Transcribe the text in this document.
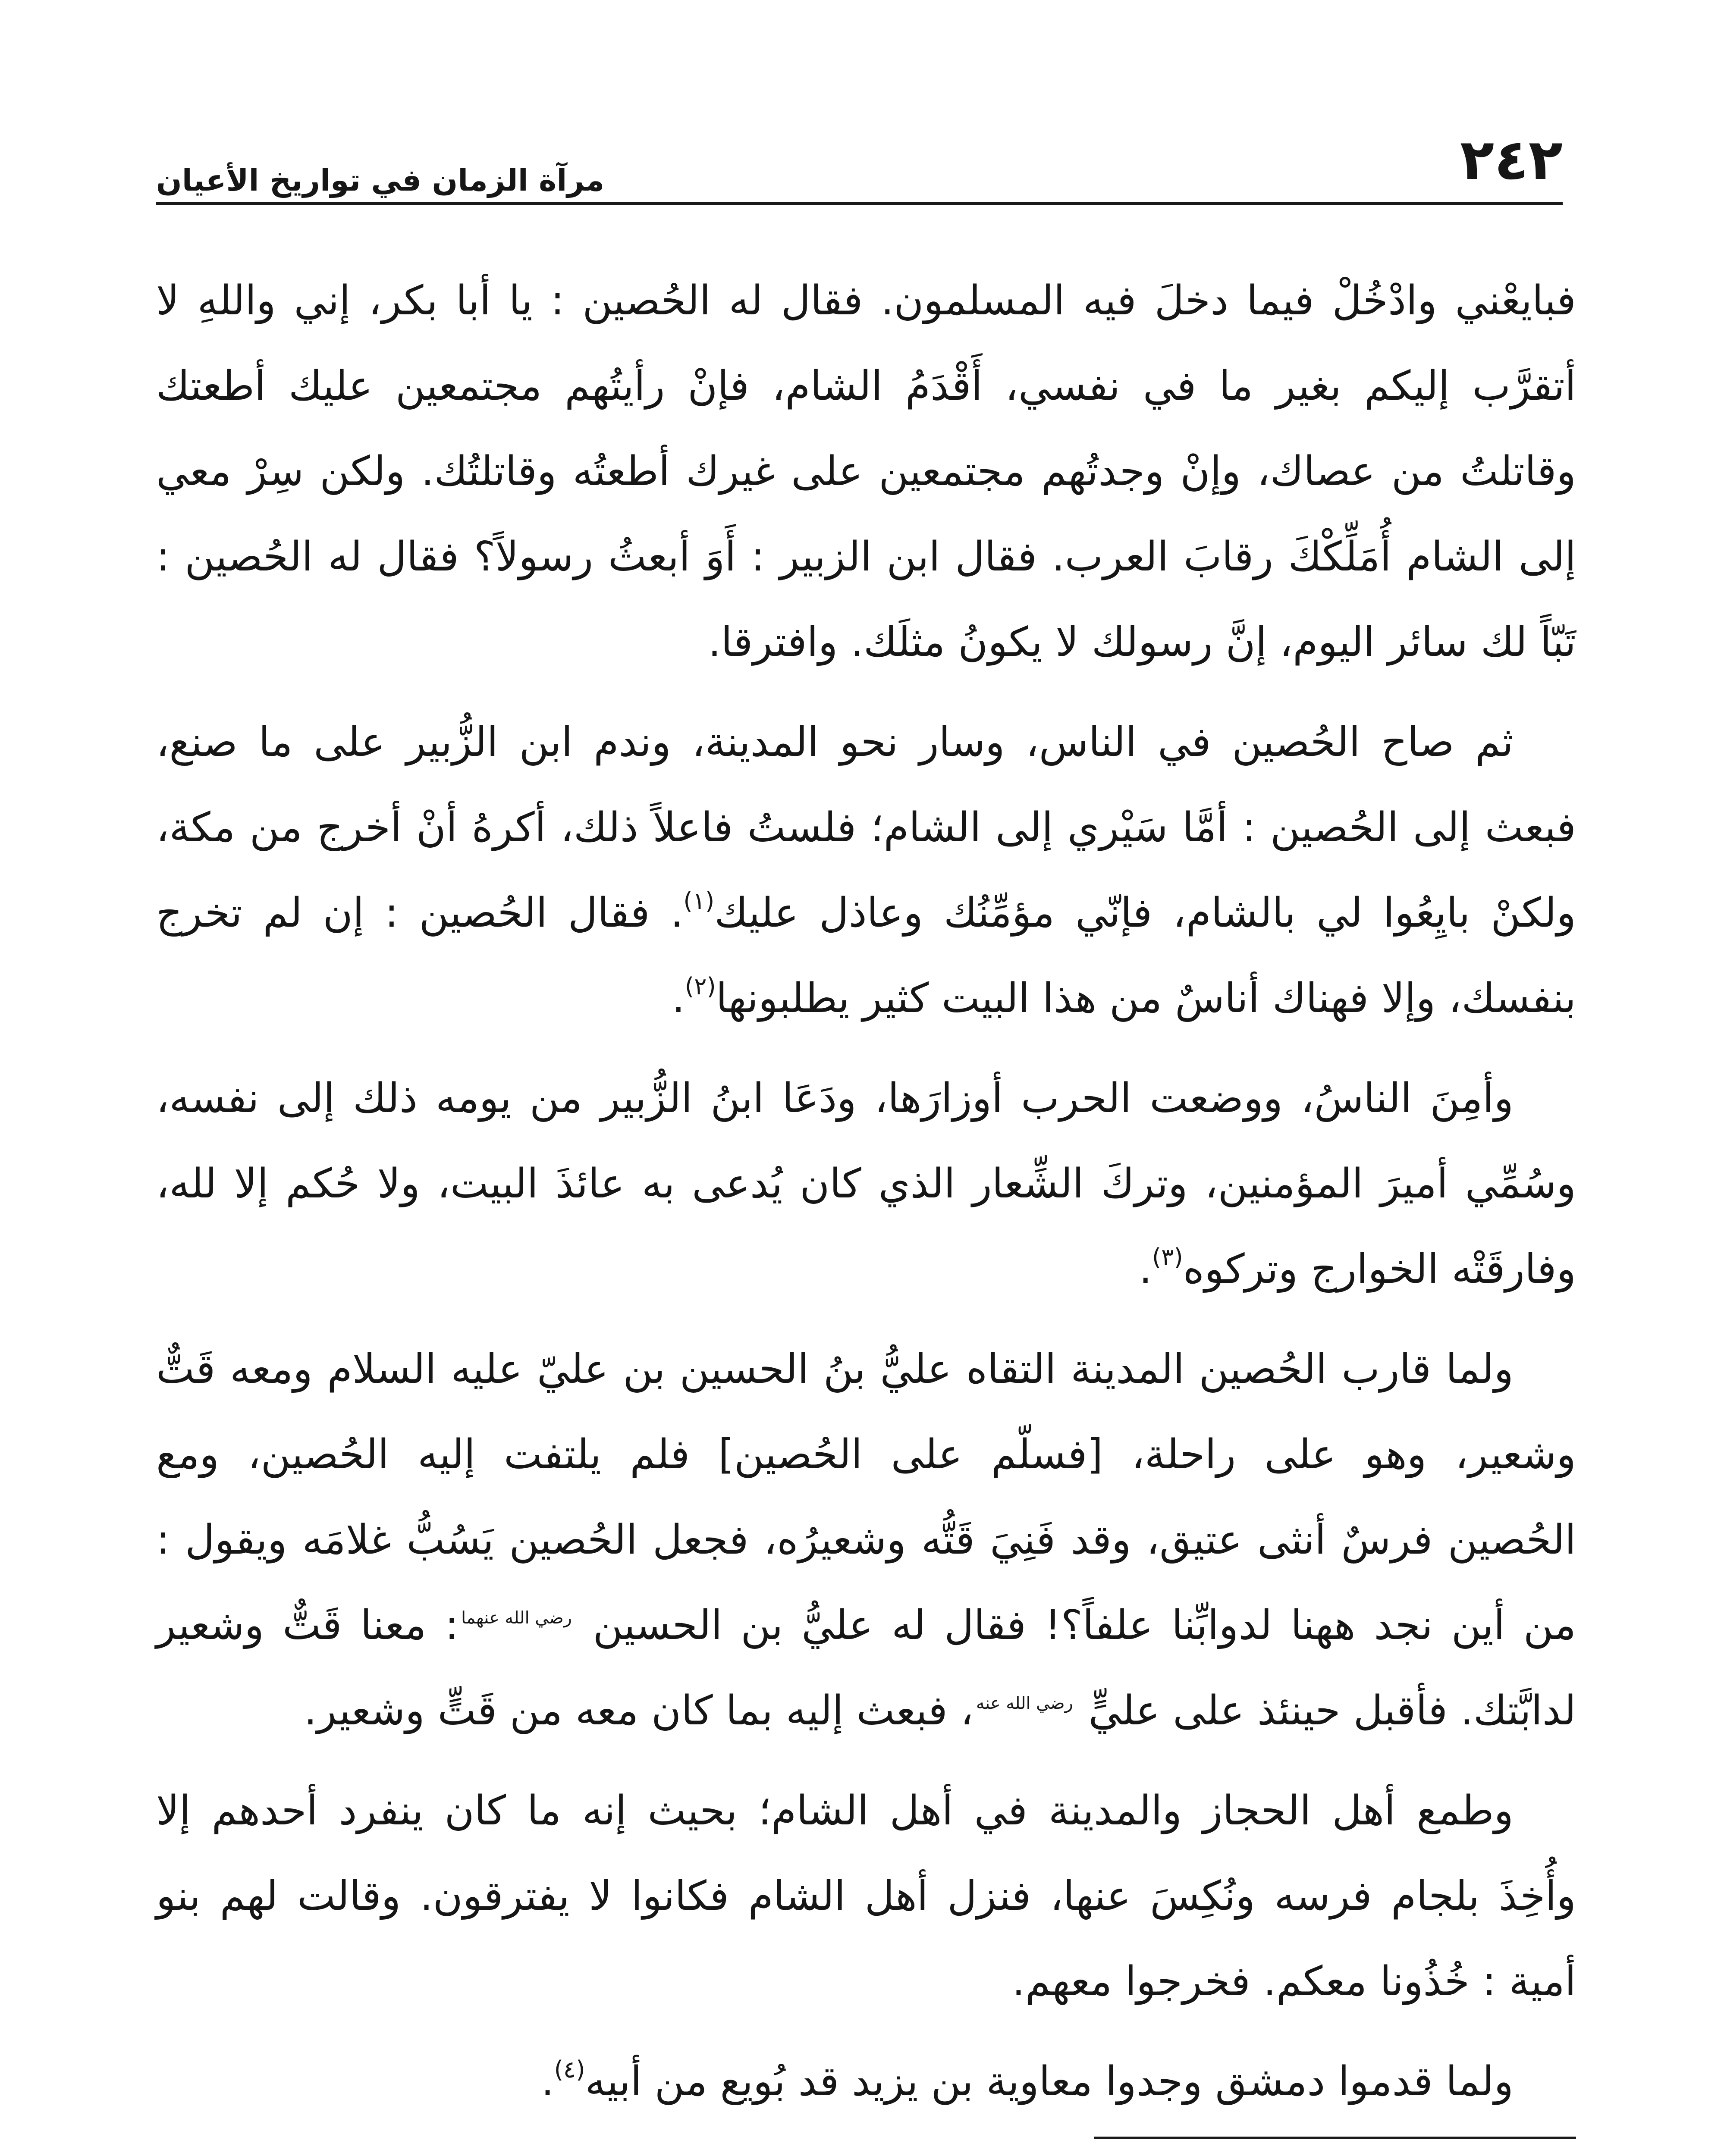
٢٤٢
مرآة الزمان في تواريخ الأعيان
فبايعْني وادْخُلْ فيما دخلَ فيه المسلمون. فقال له الحُصين : يا أبا بكر، إني واللهِ لا
أتقرَّب إليكم بغير ما في نفسي، أَقْدَمُ الشام، فإنْ رأيتُهم مجتمعين عليك أطعتك
وقاتلتُ من عصاك، وإنْ وجدتُهم مجتمعين على غيرك أطعتُه وقاتلتُك. ولكن سِرْ معي
إلى الشام أُمَلِّكْكَ رقابَ العرب. فقال ابن الزبير : أَوَ أبعثُ رسولاً؟ فقال له الحُصين :
تَبّاً لك سائر اليوم، إنَّ رسولك لا يكونُ مثلَك. وافترقا.
ثم صاح الحُصين في الناس، وسار نحو المدينة، وندم ابن الزُّبير على ما صنع،
فبعث إلى الحُصين : أمَّا سَيْري إلى الشام؛ فلستُ فاعلاً ذلك، أكرهُ أنْ أخرج من مكة،
ولكنْ بايِعُوا لي بالشام، فإنّي مؤمِّنُك وعاذل عليك$^{(١)}$. فقال الحُصين : إن لم تخرج
بنفسك، وإلا فهناك أناسٌ من هذا البيت كثير يطلبونها$^{(٢)}$.
وأمِنَ الناسُ، ووضعت الحرب أوزارَها، ودَعَا ابنُ الزُّبير من يومه ذلك إلى نفسه،
وسُمِّي أميرَ المؤمنين، وتركَ الشِّعار الذي كان يُدعى به عائذَ البيت، ولا حُكم إلا لله،
وفارقَتْه الخوارج وتركوه$^{(٣)}$.
ولما قارب الحُصين المدينة التقاه عليُّ بنُ الحسين بن عليّ عليه السلام ومعه قَتٌّ
وشعير، وهو على راحلة، [فسلّم على الحُصين] فلم يلتفت إليه الحُصين، ومع
الحُصين فرسٌ أنثى عتيق، وقد فَنِيَ قَتُّه وشعيرُه، فجعل الحُصين يَسُبُّ غلامَه ويقول :
من أين نجد ههنا لدوابِّنا علفاً؟! فقال له عليُّ بن الحسين $^{رضي الله عنهما}$: معنا قَتٌّ وشعير
لدابَّتك. فأقبل حينئذ على عليٍّ $^{رضي الله عنه}$، فبعث إليه بما كان معه من قَتٍّ وشعير.
وطمع أهل الحجاز والمدينة في أهل الشام؛ بحيث إنه ما كان ينفرد أحدهم إلا
وأُخِذَ بلجام فرسه ونُكِسَ عنها، فنزل أهل الشام فكانوا لا يفترقون. وقالت لهم بنو
أمية : خُذُونا معكم. فخرجوا معهم.
ولما قدموا دمشق وجدوا معاوية بن يزيد قد بُويع من أبيه$^{(٤)}$.
